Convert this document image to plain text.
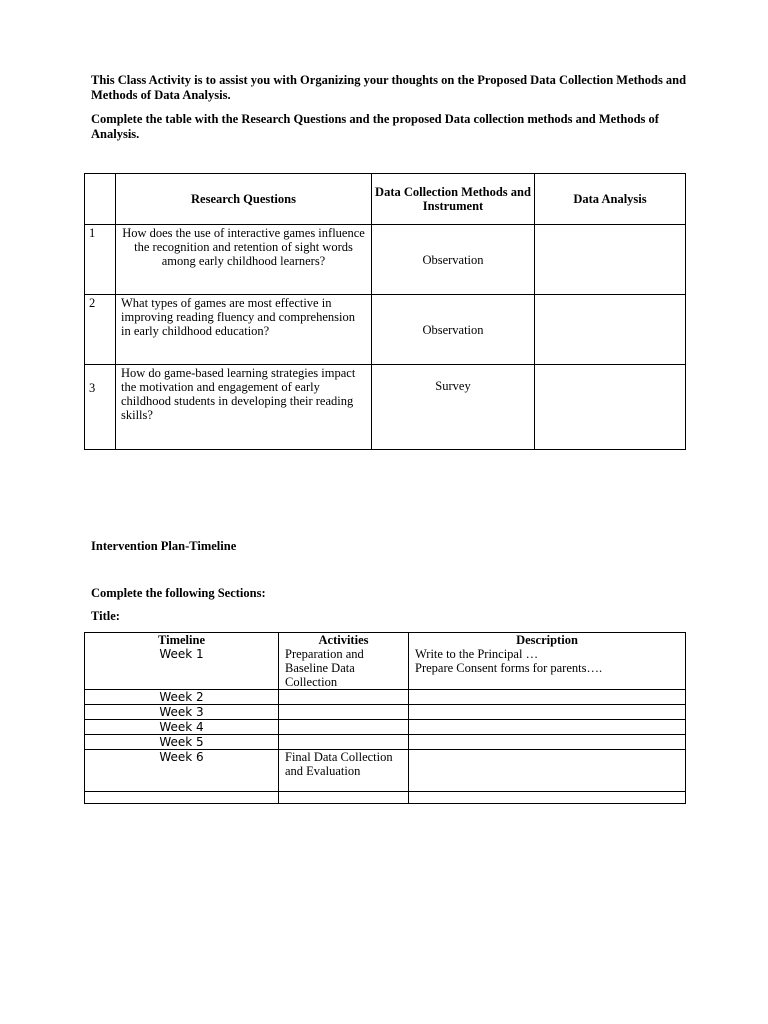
This Class Activity is to assist you with Organizing your thoughts on the Proposed Data Collection Methods and Methods of Data Analysis.
Complete the table with the Research Questions and the proposed Data collection methods and Methods of Analysis.
	Research Questions	Data Collection Methods and Instrument	Data Analysis
1	How does the use of interactive games influence the recognition and retention of sight words among early childhood learners?	Observation	
2	What types of games are most effective in improving reading fluency and comprehension in early childhood education?	Observation	
3	How do game-based learning strategies impact the motivation and engagement of early childhood students in developing their reading skills?	Survey	
Intervention Plan-Timeline
Complete the following Sections:
Title:
Timeline	Activities	Description
Week 1	Preparation and Baseline Data Collection	Write to the Principal …
Prepare Consent forms for parents….

Week 2		
Week 3		
Week 4		
Week 5		
Week 6	Final Data Collection and Evaluation	
